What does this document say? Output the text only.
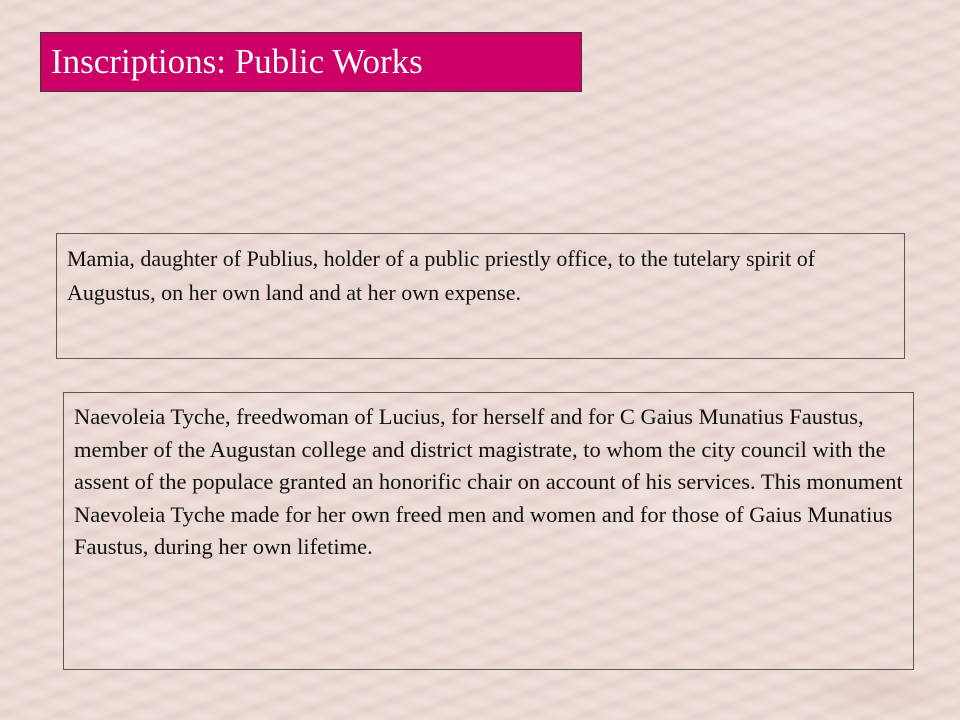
Inscriptions: Public Works

Mamia, daughter of Publius, holder of a public priestly office, to the tutelary spirit of Augustus, on her own land and at her own expense.

Naevoleia Tyche, freedwoman of Lucius, for herself and for C Gaius Munatius Faustus, member of the Augustan college and district magistrate, to whom the city council with the assent of the populace granted an honorific chair on account of his services. This monument Naevoleia Tyche made for her own freed men and women and for those of Gaius Munatius Faustus, during her own lifetime.
